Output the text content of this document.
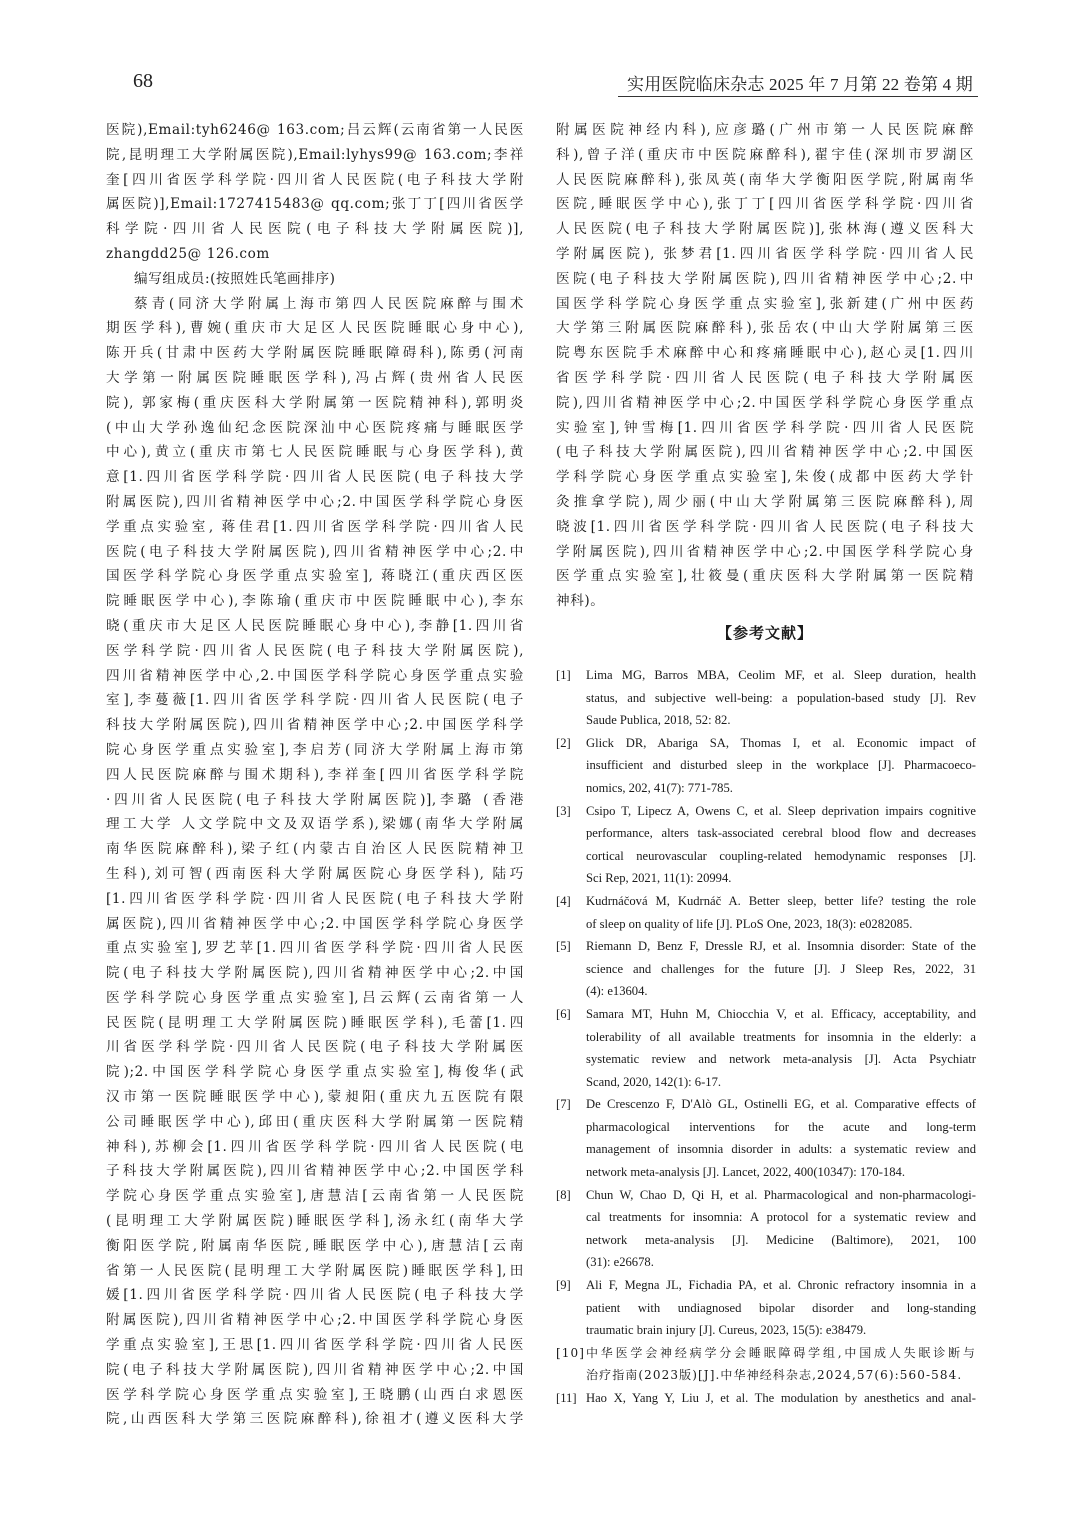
68	实用医院临床杂志 2025 年 7 月第 22 卷第 4 期
医院),Email:tyh6246@ 163.com;吕云辉(云南省第一人民医
院,昆明理工大学附属医院),Email:lyhys99@ 163.com;李祥
奎[四川省医学科学院·四川省人民医院(电子科技大学附
属医院)],Email:1727415483@ qq.com;张丁丁[四川省医学
科学院·四川省人民医院(电子科技大学附属医院)],
zhangdd25@ 126.com
编写组成员:(按照姓氏笔画排序)
蔡青(同济大学附属上海市第四人民医院麻醉与围术
期医学科),曹婉(重庆市大足区人民医院睡眠心身中心),
陈开兵(甘肃中医药大学附属医院睡眠障碍科),陈勇(河南
大学第一附属医院睡眠医学科),冯占辉(贵州省人民医
院), 郭家梅(重庆医科大学附属第一医院精神科),郭明炎
(中山大学孙逸仙纪念医院深汕中心医院疼痛与睡眠医学
中心),黄立(重庆市第七人民医院睡眠与心身医学科),黄
意[1.四川省医学科学院·四川省人民医院(电子科技大学
附属医院),四川省精神医学中心;2.中国医学科学院心身医
学重点实验室, 蒋佳君[1.四川省医学科学院·四川省人民
医院(电子科技大学附属医院),四川省精神医学中心;2.中
国医学科学院心身医学重点实验室], 蒋晓江(重庆西区医
院睡眠医学中心),李陈瑜(重庆市中医院睡眠中心),李东
晓(重庆市大足区人民医院睡眠心身中心),李静[1.四川省
医学科学院·四川省人民医院(电子科技大学附属医院),
四川省精神医学中心,2.中国医学科学院心身医学重点实验
室],李蔓薇[1.四川省医学科学院·四川省人民医院(电子
科技大学附属医院),四川省精神医学中心;2.中国医学科学
院心身医学重点实验室],李启芳(同济大学附属上海市第
四人民医院麻醉与围术期科),李祥奎[四川省医学科学院
·四川省人民医院(电子科技大学附属医院)],李璐 (香港
理工大学 人文学院中文及双语学系),梁娜(南华大学附属
南华医院麻醉科),梁子红(内蒙古自治区人民医院精神卫
生科),刘可智(西南医科大学附属医院心身医学科), 陆巧
[1.四川省医学科学院·四川省人民医院(电子科技大学附
属医院),四川省精神医学中心;2.中国医学科学院心身医学
重点实验室],罗艺苹[1.四川省医学科学院·四川省人民医
院(电子科技大学附属医院),四川省精神医学中心;2.中国
医学科学院心身医学重点实验室],吕云辉(云南省第一人
民医院(昆明理工大学附属医院)睡眠医学科),毛蕾[1.四
川省医学科学院·四川省人民医院(电子科技大学附属医
院);2.中国医学科学院心身医学重点实验室],梅俊华(武
汉市第一医院睡眠医学中心),蒙昶阳(重庆九五医院有限
公司睡眠医学中心),邱田(重庆医科大学附属第一医院精
神科),苏柳会[1.四川省医学科学院·四川省人民医院(电
子科技大学附属医院),四川省精神医学中心;2.中国医学科
学院心身医学重点实验室],唐慧洁[云南省第一人民医院
(昆明理工大学附属医院)睡眠医学科],汤永红(南华大学
衡阳医学院,附属南华医院,睡眠医学中心),唐慧洁[云南
省第一人民医院(昆明理工大学附属医院)睡眠医学科],田
媛[1.四川省医学科学院·四川省人民医院(电子科技大学
附属医院),四川省精神医学中心;2.中国医学科学院心身医
学重点实验室],王思[1.四川省医学科学院·四川省人民医
院(电子科技大学附属医院),四川省精神医学中心;2.中国
医学科学院心身医学重点实验室],王晓鹏(山西白求恩医
院,山西医科大学第三医院麻醉科),徐祖才(遵义医科大学
附属医院神经内科),应彦璐(广州市第一人民医院麻醉
科),曾子洋(重庆市中医院麻醉科),翟宇佳(深圳市罗湖区
人民医院麻醉科),张凤英(南华大学衡阳医学院,附属南华
医院,睡眠医学中心),张丁丁[四川省医学科学院·四川省
人民医院(电子科技大学附属医院)],张林海(遵义医科大
学附属医院), 张梦君[1.四川省医学科学院·四川省人民
医院(电子科技大学附属医院),四川省精神医学中心;2.中
国医学科学院心身医学重点实验室],张新建(广州中医药
大学第三附属医院麻醉科),张岳农(中山大学附属第三医
院粤东医院手术麻醉中心和疼痛睡眠中心),赵心灵[1.四川
省医学科学院·四川省人民医院(电子科技大学附属医
院),四川省精神医学中心;2.中国医学科学院心身医学重点
实验室],钟雪梅[1.四川省医学科学院·四川省人民医院
(电子科技大学附属医院),四川省精神医学中心;2.中国医
学科学院心身医学重点实验室],朱俊(成都中医药大学针
灸推拿学院),周少丽(中山大学附属第三医院麻醉科),周
晓波[1.四川省医学科学院·四川省人民医院(电子科技大
学附属医院),四川省精神医学中心;2.中国医学科学院心身
医学重点实验室],壮筱曼(重庆医科大学附属第一医院精
神科)。
【参考文献】
[1]	Lima MG, Barros MBA, Ceolim MF, et al. Sleep duration, health
status, and subjective well-being: a population-based study [J]. Rev
Saude Publica, 2018, 52: 82.
[2]	Glick DR, Abariga SA, Thomas I, et al. Economic impact of
insufficient and disturbed sleep in the workplace [J]. Pharmacoeco-
nomics, 202, 41(7): 771-785.
[3]	Csipo T, Lipecz A, Owens C, et al. Sleep deprivation impairs cognitive
performance, alters task-associated cerebral blood flow and decreases
cortical neurovascular coupling-related hemodynamic responses [J].
Sci Rep, 2021, 11(1): 20994.
[4]	Kudrnáčová M, Kudrnáč A. Better sleep, better life? testing the role
of sleep on quality of life [J]. PLoS One, 2023, 18(3): e0282085.
[5]	Riemann D, Benz F, Dressle RJ, et al. Insomnia disorder: State of the
science and challenges for the future [J]. J Sleep Res, 2022, 31
(4): e13604.
[6]	Samara MT, Huhn M, Chiocchia V, et al. Efficacy, acceptability, and
tolerability of all available treatments for insomnia in the elderly: a
systematic review and network meta-analysis [J]. Acta Psychiatr
Scand, 2020, 142(1): 6-17.
[7]	De Crescenzo F, D'Alò GL, Ostinelli EG, et al. Comparative effects of
pharmacological interventions for the acute and long-term
management of insomnia disorder in adults: a systematic review and
network meta-analysis [J]. Lancet, 2022, 400(10347): 170-184.
[8]	Chun W, Chao D, Qi H, et al. Pharmacological and non-pharmacologi-
cal treatments for insomnia: A protocol for a systematic review and
network meta-analysis [J]. Medicine (Baltimore), 2021, 100
(31): e26678.
[9]	Ali F, Megna JL, Fichadia PA, et al. Chronic refractory insomnia in a
patient with undiagnosed bipolar disorder and long-standing
traumatic brain injury [J]. Cureus, 2023, 15(5): e38479.
[10] 中华医学会神经病学分会睡眠障碍学组,中国成人失眠诊断与
治疗指南(2023版)[J].中华神经科杂志,2024,57(6):560-584.
[11] Hao X, Yang Y, Liu J, et al. The modulation by anesthetics and anal-
